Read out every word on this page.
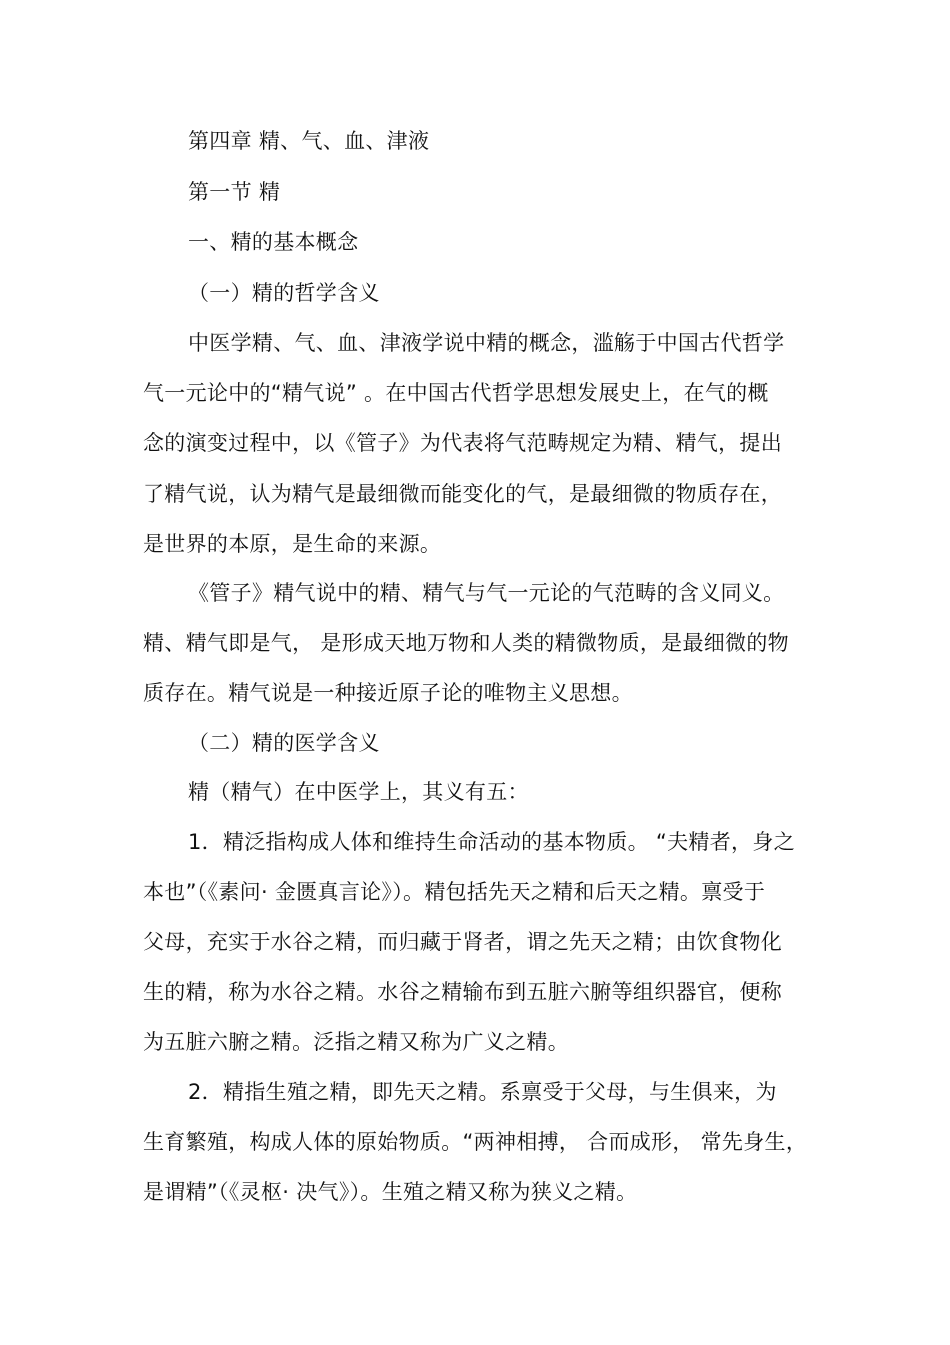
第四章 精、气、血、津液
第一节 精
一、精的基本概念
（一）精的哲学含义
中医学精、气、血、津液学说中精的概念，滥觞于中国古代哲学
气一元论中的“精气说” 。在中国古代哲学思想发展史上，在气的概
念的演变过程中，以《管子》为代表将气范畴规定为精、精气，提出
了精气说，认为精气是最细微而能变化的气，是最细微的物质存在，
是世界的本原，是生命的来源。
《管子》精气说中的精、精气与气一元论的气范畴的含义同义。
精、精气即是气， 是形成天地万物和人类的精微物质，是最细微的物
质存在。精气说是一种接近原子论的唯物主义思想。
（二）精的医学含义
精（精气）在中医学上，其义有五：
1．精泛指构成人体和维持生命活动的基本物质。 “夫精者，身之
本也”（《素问· 金匮真言论》）。精包括先天之精和后天之精。禀受于
父母，充实于水谷之精，而归藏于肾者，谓之先天之精；由饮食物化
生的精，称为水谷之精。水谷之精输布到五脏六腑等组织器官，便称
为五脏六腑之精。泛指之精又称为广义之精。
2．精指生殖之精，即先天之精。系禀受于父母，与生俱来，为
生育繁殖，构成人体的原始物质。“两神相搏， 合而成形， 常先身生，
是谓精”（《灵枢· 决气》）。生殖之精又称为狭义之精。
